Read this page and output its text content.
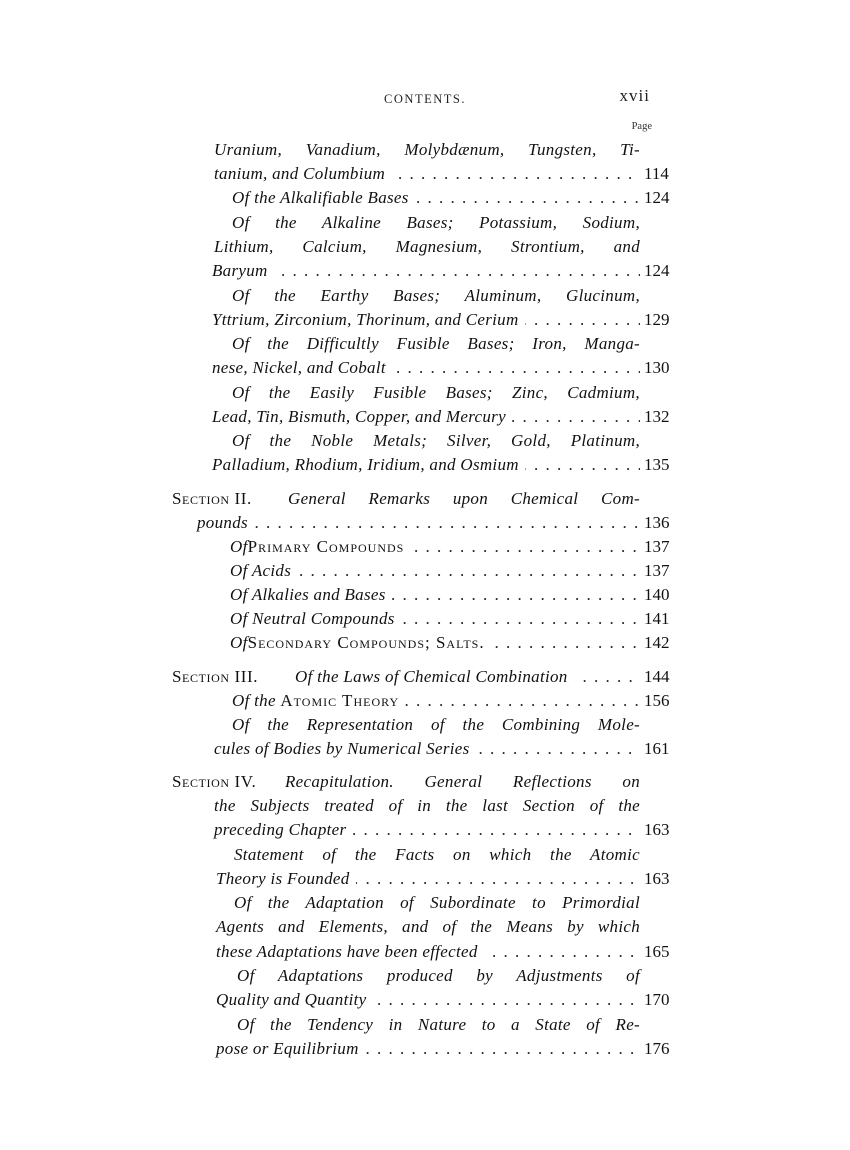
CONTENTS.	xvii
Page
Uranium, Vanadium, Molybdænum, Tungsten, Ti-
tanium, and Columbium . . .	114
Of the Alkalifiable Bases . . .	124
Of the Alkaline Bases; Potassium, Sodium,
Lithium, Calcium, Magnesium, Strontium, and
Baryum . . .	124
Of the Earthy Bases; Aluminum, Glucinum,
Yttrium, Zirconium, Thorinum, and Cerium . . .	129
Of the Difficultly Fusible Bases; Iron, Manga-
nese, Nickel, and Cobalt . . .	130
Of the Easily Fusible Bases; Zinc, Cadmium,
Lead, Tin, Bismuth, Copper, and Mercury . . .	132
Of the Noble Metals; Silver, Gold, Platinum,
Palladium, Rhodium, Iridium, and Osmium . . .	135
Section II.	General Remarks upon Chemical Com-
pounds . . .	136
OfPrimary Compounds . . .	137
Of Acids . . .	137
Of Alkalies and Bases . . .	140
Of Neutral Compounds . . .	141
OfSecondary Compounds; Salts. . . .	142
Section III.	Of the Laws of Chemical Combination . . .	144
Of the Atomic Theory . . .	156
Of the Representation of the Combining Mole-
cules of Bodies by Numerical Series . . .	161
Section IV.	Recapitulation. General Reflections on
the Subjects treated of in the last Section of the
preceding Chapter . . .	163
Statement of the Facts on which the Atomic
Theory is Founded . . .	163
Of the Adaptation of Subordinate to Primordial
Agents and Elements, and of the Means by which
these Adaptations have been effected . . .	165
Of Adaptations produced by Adjustments of
Quality and Quantity . . .	170
Of the Tendency in Nature to a State of Re-
pose or Equilibrium . . .	176
